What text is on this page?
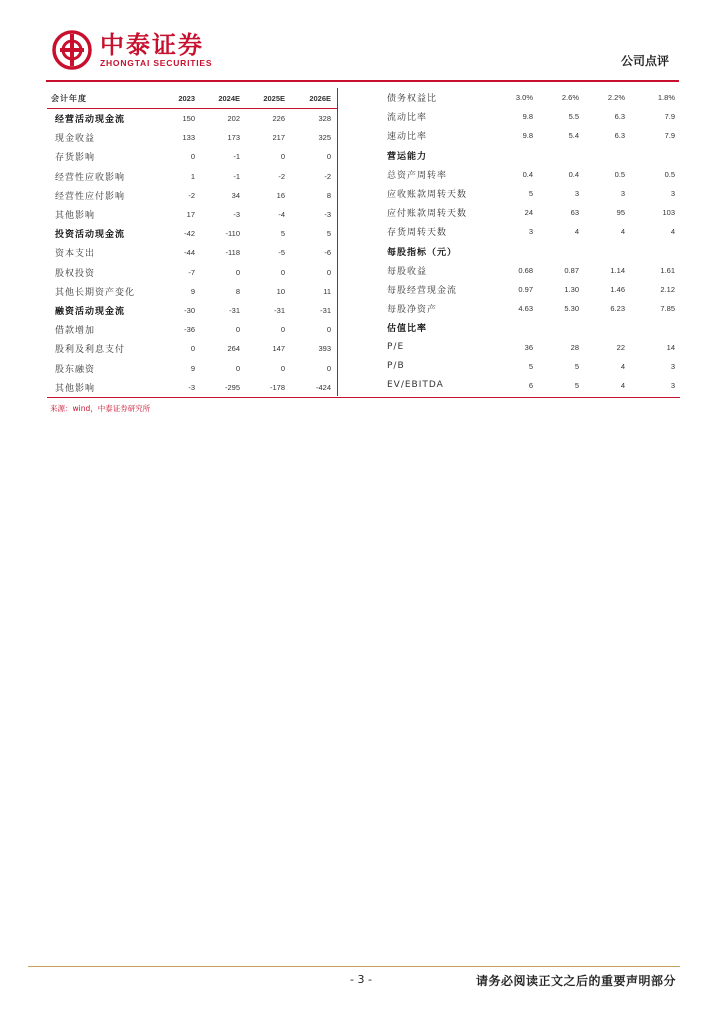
中泰证券
ZHONGTAI SECURITIES	公司点评
会计年度	2023	2024E	2025E	2026E
经营活动现金流	150	202	226	328
现金收益	133	173	217	325
存货影响	0	-1	0	0
经营性应收影响	1	-1	-2	-2
经营性应付影响	-2	34	16	8
其他影响	17	-3	-4	-3
投资活动现金流	-42	-110	5	5
资本支出	-44	-118	-5	-6
股权投资	-7	0	0	0
其他长期资产变化	9	8	10	11
融资活动现金流	-30	-31	-31	-31
借款增加	-36	0	0	0
股利及利息支付	0	264	147	393
股东融资	9	0	0	0
其他影响	-3	-295	-178	-424
债务权益比	3.0%	2.6%	2.2%	1.8%
流动比率	9.8	5.5	6.3	7.9
速动比率	9.8	5.4	6.3	7.9
营运能力
总资产周转率	0.4	0.4	0.5	0.5
应收账款周转天数	5	3	3	3
应付账款周转天数	24	63	95	103
存货周转天数	3	4	4	4
每股指标（元）
每股收益	0.68	0.87	1.14	1.61
每股经营现金流	0.97	1.30	1.46	2.12
每股净资产	4.63	5.30	6.23	7.85
估值比率
P/E	36	28	22	14
P/B	5	5	4	3
EV/EBITDA	6	5	4	3
来源：wind，中泰证券研究所
- 3 -	请务必阅读正文之后的重要声明部分
